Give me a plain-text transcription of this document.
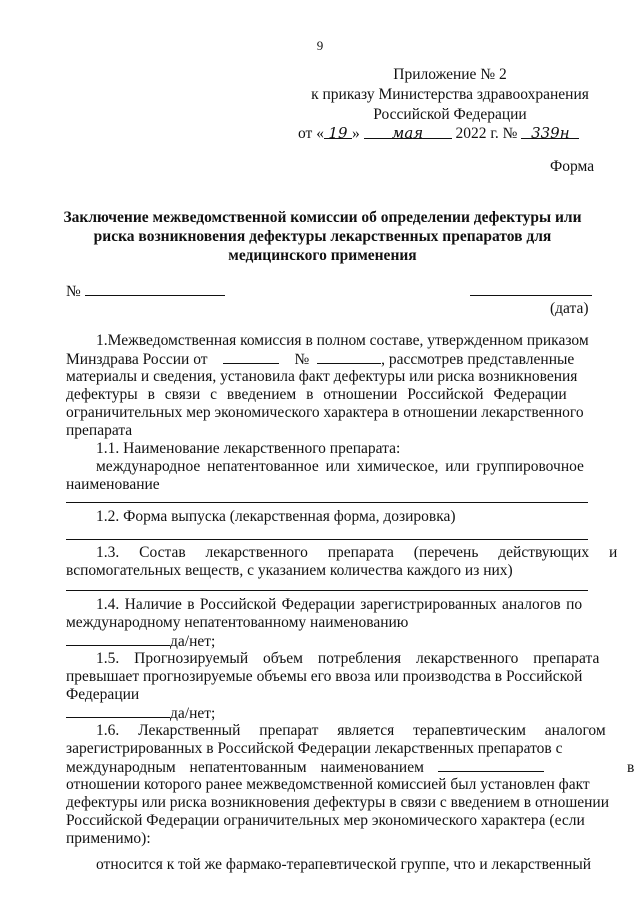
9
Приложение № 2
к приказу Министерства здравоохранения
Российской Федерации
от « 19 » мая 2022 г. № 339н
Форма
Заключение межведомственной комиссии об определении дефектуры или
риска возникновения дефектуры лекарственных препаратов для
медицинского применения
№
(дата)
1.Межведомственная комиссия в полном составе, утвержденном приказом
Минздрава России от	№	, рассмотрев представленные
материалы и сведения, установила факт дефектуры или риска возникновения
дефектуры в связи с введением в отношении Российской Федерации
ограничительных мер экономического характера в отношении лекарственного
препарата
1.1. Наименование лекарственного препарата:
международное непатентованное или химическое, или группировочное
наименование
1.2. Форма выпуска (лекарственная форма, дозировка)
1.3. Состав лекарственного препарата (перечень действующих и
вспомогательных веществ, с указанием количества каждого из них)
1.4. Наличие в Российской Федерации зарегистрированных аналогов по
международному непатентованному наименованию
да/нет;
1.5. Прогнозируемый объем потребления лекарственного препарата
превышает прогнозируемые объемы его ввоза или производства в Российской
Федерации
да/нет;
1.6. Лекарственный препарат является терапевтическим аналогом
зарегистрированных в Российской Федерации лекарственных препаратов с
международным непатентованным наименованием	в
отношении которого ранее межведомственной комиссией был установлен факт
дефектуры или риска возникновения дефектуры в связи с введением в отношении
Российской Федерации ограничительных мер экономического характера (если
применимо):
относится к той же фармако-терапевтической группе, что и лекарственный
